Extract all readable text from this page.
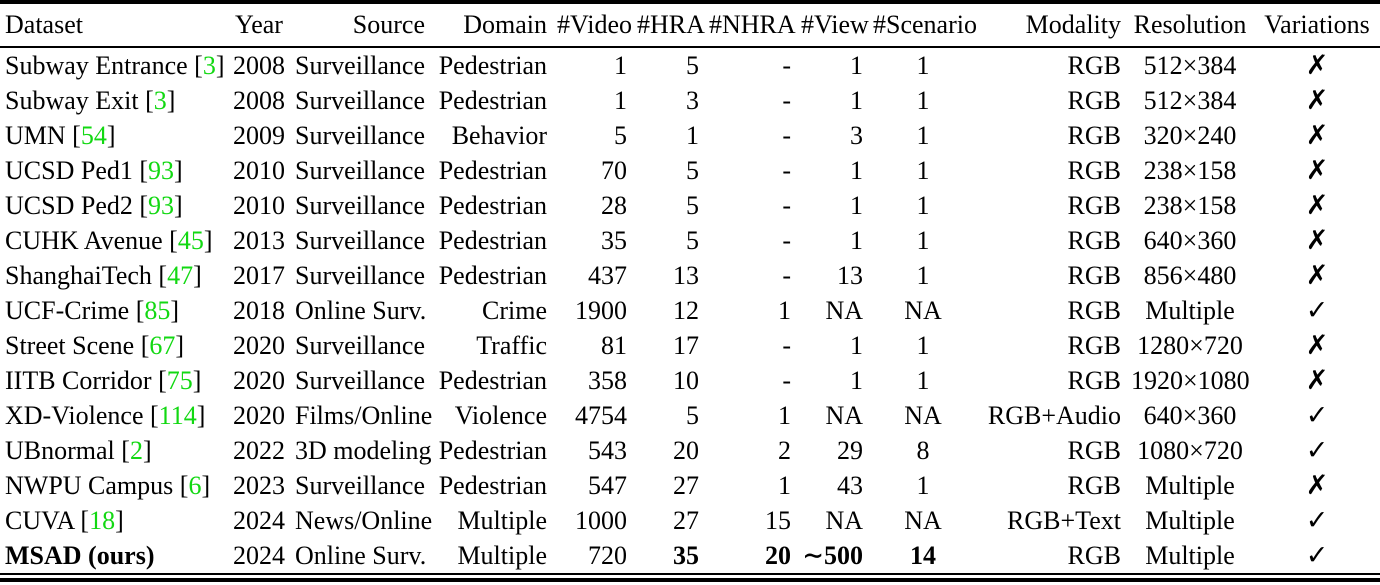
Dataset	Year	Source	Domain	#Video	#HRA	#NHRA	#View	#Scenario	Modality	Resolution	Variations
Subway Entrance [3]	2008	Surveillance	Pedestrian	1	5	-	1	1	RGB	512×384	✗
Subway Exit [3]	2008	Surveillance	Pedestrian	1	3	-	1	1	RGB	512×384	✗
UMN [54]	2009	Surveillance	Behavior	5	1	-	3	1	RGB	320×240	✗
UCSD Ped1 [93]	2010	Surveillance	Pedestrian	70	5	-	1	1	RGB	238×158	✗
UCSD Ped2 [93]	2010	Surveillance	Pedestrian	28	5	-	1	1	RGB	238×158	✗
CUHK Avenue [45]	2013	Surveillance	Pedestrian	35	5	-	1	1	RGB	640×360	✗
ShanghaiTech [47]	2017	Surveillance	Pedestrian	437	13	-	13	1	RGB	856×480	✗
UCF-Crime [85]	2018	Online Surv.	Crime	1900	12	1	NA	NA	RGB	Multiple	✓
Street Scene [67]	2020	Surveillance	Traffic	81	17	-	1	1	RGB	1280×720	✗
IITB Corridor [75]	2020	Surveillance	Pedestrian	358	10	-	1	1	RGB	1920×1080	✗
XD-Violence [114]	2020	Films/Online	Violence	4754	5	1	NA	NA	RGB+Audio	640×360	✓
UBnormal [2]	2022	3D modeling	Pedestrian	543	20	2	29	8	RGB	1080×720	✓
NWPU Campus [6]	2023	Surveillance	Pedestrian	547	27	1	43	1	RGB	Multiple	✗
CUVA [18]	2024	News/Online	Multiple	1000	27	15	NA	NA	RGB+Text	Multiple	✓
MSAD (ours)	2024	Online Surv.	Multiple	720	35	20	∼500	14	RGB	Multiple	✓
